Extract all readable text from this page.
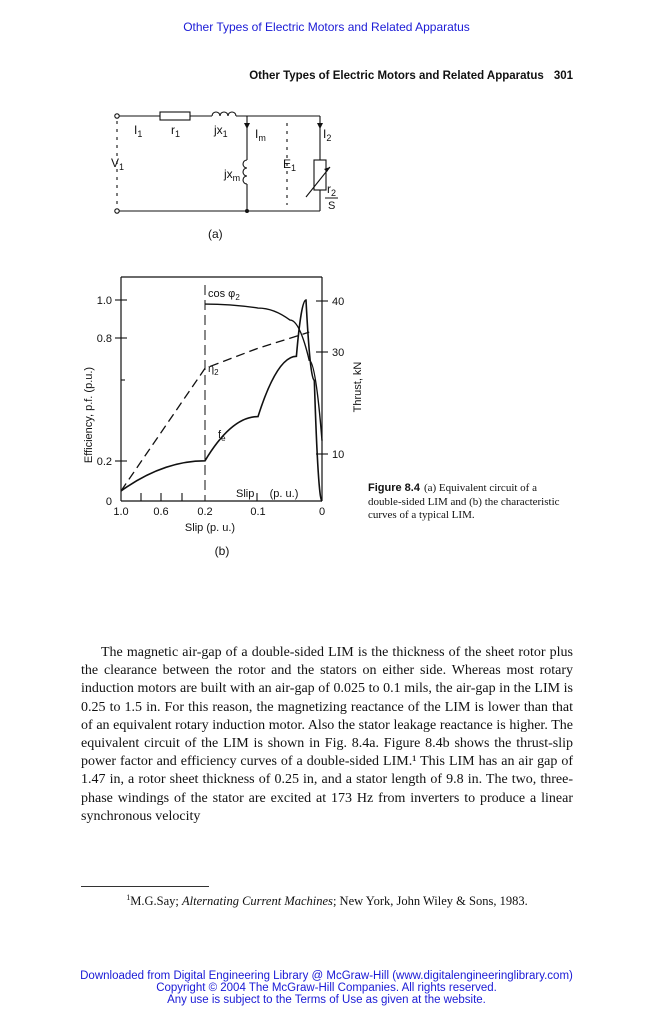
Other Types of Electric Motors and Related Apparatus
Other Types of Electric Motors and Related Apparatus 301
$I_1$ $r_1$	$jx_1$ $I_m$	$I_2$
$V_1$	$jx_m$
$E_1$
$r_2$
S
(a)
$\cos \varphi_2$
$\eta_2$
$f_e$
1.0
0.8
0.2
0
40
30
10
1.0 0.6	0.2	0.1	0
Slip     (p. u.)
Slip (p. u.)
(b)
Efficiency, p.f. (p.u.)	Thrust, kN
Figure 8.4 (a) Equivalent circuit of a double-sided LIM and (b) the characteristic curves of a typical LIM.

The magnetic air-gap of a double-sided LIM is the thickness of the sheet rotor plus the clearance between the rotor and the stators on either side. Whereas most rotary induction motors are built with an air-gap of 0.025 to 0.1 mils, the air-gap in the LIM is 0.25 to 1.5 in. For this reason, the magnetizing reactance of the LIM is lower than that of an equivalent rotary induction motor. Also the stator leakage reactance is higher. The equivalent circuit of the LIM is shown in Fig. 8.4a. Figure 8.4b shows the thrust-slip power factor and efficiency curves of a double-sided LIM.¹ This LIM has an air gap of 1.47 in, a rotor sheet thickness of 0.25 in, and a stator length of 9.8 in. The two, three-phase windings of the stator are excited at 173 Hz from inverters to produce a linear synchronous velocity

$^1$M.G.Say; Alternating Current Machines; New York, John Wiley & Sons, 1983.
Downloaded from Digital Engineering Library @ McGraw-Hill (www.digitalengineeringlibrary.com)
Copyright © 2004 The McGraw-Hill Companies. All rights reserved.
Any use is subject to the Terms of Use as given at the website.
